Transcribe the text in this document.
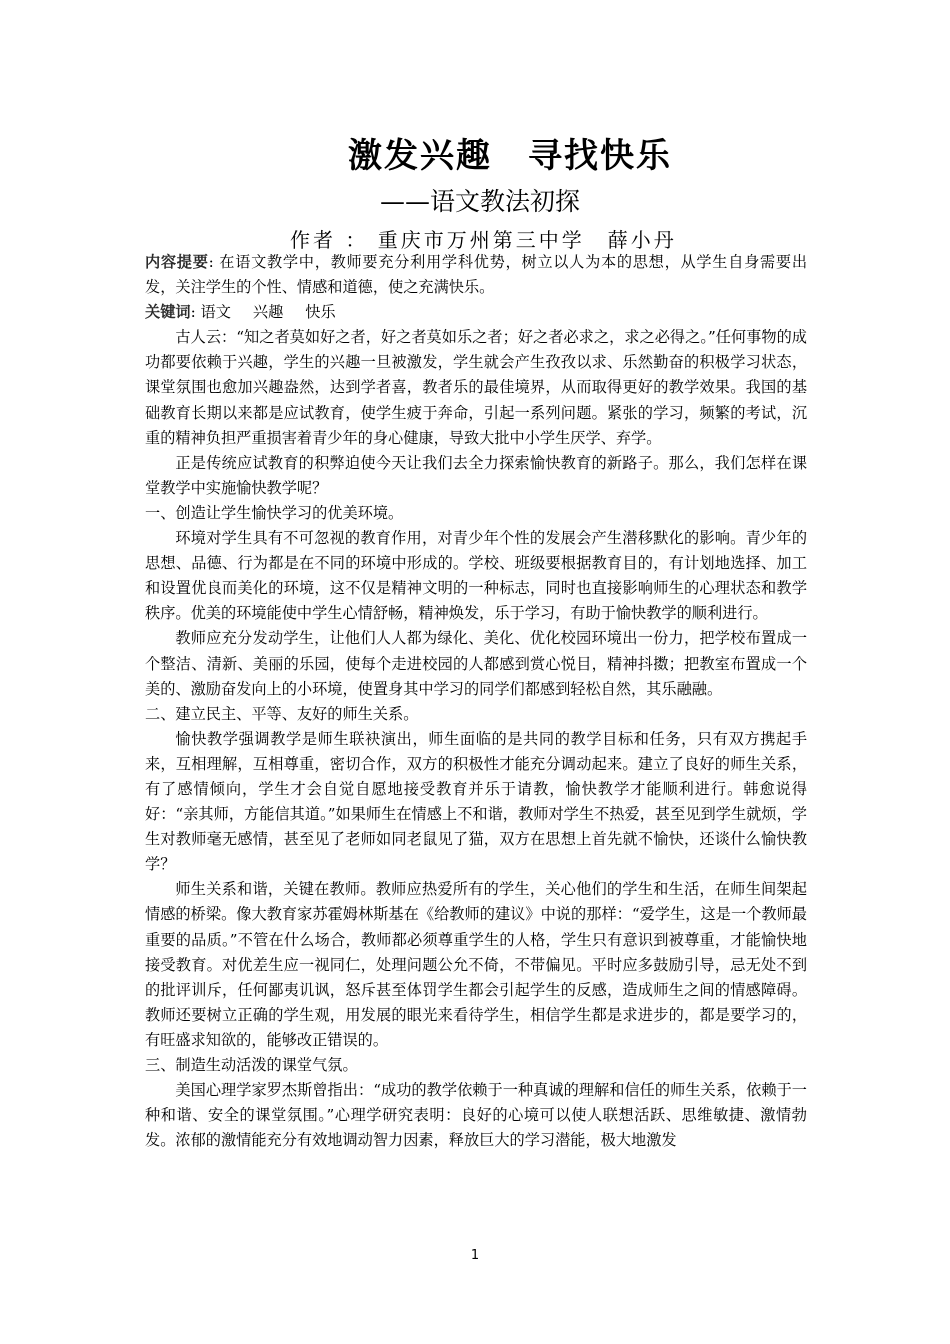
激发兴趣　寻找快乐
——语文教法初探
作者 ： 重庆市万州第三中学　薛小丹

内容提要: 在语文教学中，教师要充分利用学科优势，树立以人为本的思想，从学生自身需要出发，关注学生的个性、情感和道德，使之充满快乐。

关键词: 语文 兴趣 快乐

古人云：“知之者莫如好之者，好之者莫如乐之者；好之者必求之，求之必得之。”任何事物的成功都要依赖于兴趣，学生的兴趣一旦被激发，学生就会产生孜孜以求、乐然勤奋的积极学习状态，课堂氛围也愈加兴趣盎然，达到学者喜，教者乐的最佳境界，从而取得更好的教学效果。我国的基础教育长期以来都是应试教育，使学生疲于奔命，引起一系列问题。紧张的学习，频繁的考试，沉重的精神负担严重损害着青少年的身心健康，导致大批中小学生厌学、弃学。

正是传统应试教育的积弊迫使今天让我们去全力探索愉快教育的新路子。那么，我们怎样在课堂教学中实施愉快教学呢？

一、创造让学生愉快学习的优美环境。

环境对学生具有不可忽视的教育作用，对青少年个性的发展会产生潜移默化的影响。青少年的思想、品德、行为都是在不同的环境中形成的。学校、班级要根据教育目的，有计划地选择、加工和设置优良而美化的环境，这不仅是精神文明的一种标志，同时也直接影响师生的心理状态和教学秩序。优美的环境能使中学生心情舒畅，精神焕发，乐于学习，有助于愉快教学的顺利进行。

教师应充分发动学生，让他们人人都为绿化、美化、优化校园环境出一份力，把学校布置成一个整洁、清新、美丽的乐园，使每个走进校园的人都感到赏心悦目，精神抖擞；把教室布置成一个美的、激励奋发向上的小环境，使置身其中学习的同学们都感到轻松自然，其乐融融。

二、建立民主、平等、友好的师生关系。

愉快教学强调教学是师生联袂演出，师生面临的是共同的教学目标和任务，只有双方携起手来，互相理解，互相尊重，密切合作，双方的积极性才能充分调动起来。建立了良好的师生关系，有了感情倾向，学生才会自觉自愿地接受教育并乐于请教，愉快教学才能顺利进行。韩愈说得好：“亲其师，方能信其道。”如果师生在情感上不和谐，教师对学生不热爱，甚至见到学生就烦，学生对教师毫无感情，甚至见了老师如同老鼠见了猫，双方在思想上首先就不愉快，还谈什么愉快教学？

师生关系和谐，关键在教师。教师应热爱所有的学生，关心他们的学生和生活，在师生间架起情感的桥梁。像大教育家苏霍姆林斯基在《给教师的建议》中说的那样：“爱学生，这是一个教师最重要的品质。”不管在什么场合，教师都必须尊重学生的人格，学生只有意识到被尊重，才能愉快地接受教育。对优差生应一视同仁，处理问题公允不倚，不带偏见。平时应多鼓励引导，忌无处不到的批评训斥，任何鄙夷讥讽，怒斥甚至体罚学生都会引起学生的反感，造成师生之间的情感障碍。教师还要树立正确的学生观，用发展的眼光来看待学生，相信学生都是求进步的，都是要学习的，有旺盛求知欲的，能够改正错误的。

三、制造生动活泼的课堂气氛。

美国心理学家罗杰斯曾指出：“成功的教学依赖于一种真诚的理解和信任的师生关系，依赖于一种和谐、安全的课堂氛围。”心理学研究表明：良好的心境可以使人联想活跃、思维敏捷、激情勃发。浓郁的激情能充分有效地调动智力因素，释放巨大的学习潜能，极大地激发

1
